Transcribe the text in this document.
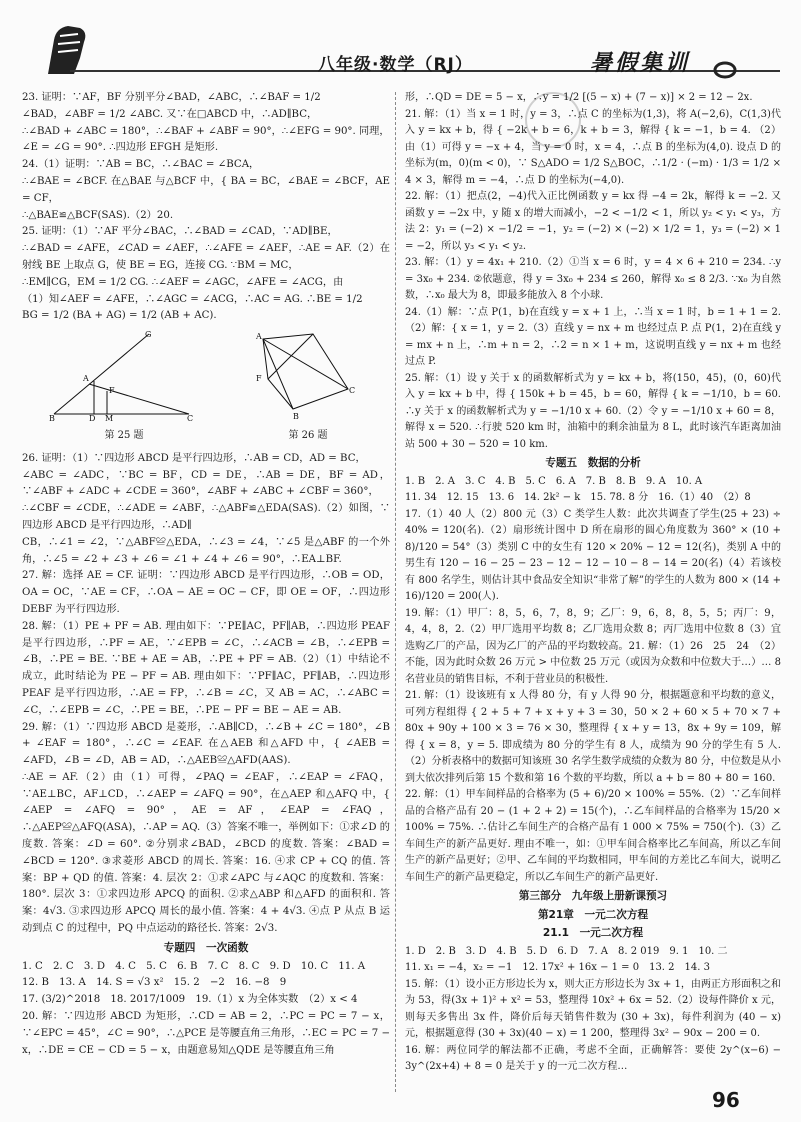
八年级·数学（RJ）	暑假集训

23. 证明：∵AF，BF 分别平分∠BAD，∠ABC，∴∠BAF = 1/2

∠BAD，∠ABF = 1/2 ∠ABC. 又∵在□ABCD 中，∴AD∥BC，

∴∠BAD + ∠ABC = 180°，∴∠BAF + ∠ABF = 90°，∴∠EFG = 90°. 同理，

∠E = ∠G = 90°. ∴四边形 EFGH 是矩形.

24.（1）证明：∵AB = BC，∴∠BAC = ∠BCA，

∴∠BAE = ∠BCF. 在△BAE 与△BCF 中，{ BA = BC，∠BAE = ∠BCF，AE = CF，

∴△BAE≌△BCF(SAS).（2）20.

25. 证明：（1）∵AF 平分∠BAC，∴∠BAD = ∠CAD，∵AD∥BE，

∴∠BAD = ∠AFE，∠CAD = ∠AEF，∴∠AFE = ∠AEF，∴AE = AF.（2）在射线 BE 上取点 G，使 BE = EG，连接 CG. ∵BM = MC，

∴EM∥CG，EM = 1/2 CG. ∴∠AEF = ∠AGC，∠AFE = ∠ACG，由

（1）知∠AEF = ∠AFE，∴∠AGC = ∠ACG，∴AC = AG. ∴BE = 1/2

BG = 1/2 (BA + AG) = 1/2 (AB + AC).

B	D M	C
A
F
G
第 25 题
A
C
F
B
第 26 题

26. 证明：（1）∵四边形 ABCD 是平行四边形，∴AB = CD，AD = BC，

∠ABC = ∠ADC，∵BC = BF，CD = DE，∴AB = DE，BF = AD，∵∠ABF + ∠ADC + ∠CDE = 360°，∠ABF + ∠ABC + ∠CBF = 360°，

∴∠CBF = ∠CDE，∴∠ADE = ∠ABF，∴△ABF≌△EDA(SAS).（2）如图，∵四边形 ABCD 是平行四边形，∴AD∥

CB，∴∠1 = ∠2，∵△ABF≌△EDA，∴∠3 = ∠4，∵∠5 是△ABF 的一个外角，∴∠5 = ∠2 + ∠3 + ∠6 = ∠1 + ∠4 + ∠6 = 90°，∴EA⊥BF.

27. 解：选择 AE = CF. 证明：∵四边形 ABCD 是平行四边形，∴OB = OD，OA = OC，∵AE = CF，∴OA − AE = OC − CF，即 OE = OF，∴四边形 DEBF 为平行四边形.

28. 解：（1）PE + PF = AB. 理由如下：∵PE∥AC，PF∥AB，∴四边形 PEAF 是平行四边形，∴PF = AE，∵∠EPB = ∠C，∴∠ACB = ∠B，∴∠EPB = ∠B，∴PE = BE. ∵BE + AE = AB，∴PE + PF = AB.（2）（1）中结论不成立，此时结论为 PE − PF = AB. 理由如下：∵PF∥AC，PF∥AB，∴四边形 PEAF 是平行四边形，∴AE = FP，∴∠B = ∠C，又 AB = AC，∴∠ABC = ∠C，∴∠EPB = ∠C，∴PE = BE，∴PE − PF = BE − AE = AB.

29. 解：（1）∵四边形 ABCD 是菱形，∴AB∥CD，∴∠B + ∠C = 180°，∠B + ∠EAF = 180°，∴∠C = ∠EAF. 在△AEB 和△AFD 中，{ ∠AEB = ∠AFD，∠B = ∠D，AB = AD，∴△AEB≌△AFD(AAS).

∴AE = AF.（2）由（1）可得，∠PAQ = ∠EAF，∴∠EAP = ∠FAQ，∵AE⊥BC，AF⊥CD，∴∠AEP = ∠AFQ = 90°，在△AEP 和△AFQ 中，{ ∠AEP = ∠AFQ = 90°，AE = AF，∠EAP = ∠FAQ，∴△AEP≌△AFQ(ASA)，∴AP = AQ.（3）答案不唯一，举例如下：①求∠D 的度数. 答案：∠D = 60°. ②分别求∠BAD，∠BCD 的度数. 答案：∠BAD = ∠BCD = 120°. ③求菱形 ABCD 的周长. 答案：16. ④求 CP + CQ 的值. 答案：BP + QD 的值. 答案：4. 层次 2：①求∠APC 与∠AQC 的度数和. 答案：180°. 层次 3：①求四边形 APCQ 的面积. ②求△ABP 和△AFD 的面积和. 答案：4√3. ③求四边形 APCQ 周长的最小值. 答案：4 + 4√3. ④点 P 从点 B 运动到点 C 的过程中，PQ 中点运动的路径长. 答案：2√3.

专题四　一次函数

1. C　2. C　3. D　4. C　5. C　6. B　7. C　8. C　9. D　10. C　11. A

12. B　13. A　14. S = √3 x²　15. 2　−2　16. −8　9

17. (3/2)^2018　18. 2017/1009　19.（1）x 为全体实数　（2）x < 4

20. 解：∵四边形 ABCD 为矩形，∴CD = AB = 2，∴PC = PC = 7 − x，∵∠EPC = 45°，∠C = 90°，∴△PCE 是等腰直角三角形，∴EC = PC = 7 − x，∴DE = CE − CD = 5 − x，由题意易知△QDE 是等腰直角三角

形，∴QD = DE = 5 − x，∴y = 1/2 [(5 − x) + (7 − x)] × 2 = 12 − 2x.

21. 解：（1）当 x = 1 时，y = 3，∴点 C 的坐标为(1,3)，将 A(−2,6)，C(1,3)代入 y = kx + b，得 { −2k + b = 6，k + b = 3，解得 { k = −1，b = 4. （2）由（1）可得 y = −x + 4，当 y = 0 时，x = 4，∴点 B 的坐标为(4,0). 设点 D 的坐标为(m，0)(m < 0)，∵ S△ADO = 1/2 S△BOC，∴1/2 · (−m) · 1/3 = 1/2 × 4 × 3，解得 m = −4，∴点 D 的坐标为(−4,0).

22. 解：（1）把点(2，−4)代入正比例函数 y = kx 得 −4 = 2k，解得 k = −2. 又函数 y = −2x 中，y 随 x 的增大而减小，−2 < −1/2 < 1，所以 y₂ < y₁ < y₃，方法 2：y₁ = (−2) × −1/2 = −1，y₂ = (−2) × (−2) × 1/2 = 1，y₃ = (−2) × 1 = −2，所以 y₃ < y₁ < y₂.

23. 解：（1）y = 4x₁ + 210.（2）①当 x = 6 时，y = 4 × 6 + 210 = 234. ∴y = 3x₀ + 234. ②依题意，得 y = 3x₀ + 234 ≤ 260，解得 x₀ ≤ 8 2/3. ∵x₀ 为自然数，∴x₀ 最大为 8，即最多能放入 8 个小球.

24.（1）解：∵点 P(1，b)在直线 y = x + 1 上，∴当 x = 1 时，b = 1 + 1 = 2.（2）解：{ x = 1，y = 2.（3）直线 y = nx + m 也经过点 P. 点 P(1，2)在直线 y = mx + n 上，∴m + n = 2，∴2 = n × 1 + m，这说明直线 y = nx + m 也经过点 P.

25. 解：（1）设 y 关于 x 的函数解析式为 y = kx + b，将(150，45)，(0，60)代入 y = kx + b 中，得 { 150k + b = 45，b = 60，解得 { k = −1/10，b = 60. ∴y 关于 x 的函数解析式为 y = −1/10 x + 60.（2）令 y = −1/10 x + 60 = 8，解得 x = 520. ∴行驶 520 km 时，油箱中的剩余油量为 8 L，此时该汽车距离加油站 500 + 30 − 520 = 10 km.

专题五　数据的分析

1. B　2. A　3. C　4. B　5. C　6. A　7. B　8. B　9. A　10. A

11. 34　12. 15　13. 6　14. 2k² − k　15. 78. 8 分　16.（1）40　（2）8

17.（1）40 人（2）800 元（3）C 类学生人数：此次共调查了学生(25 + 23) ÷ 40% = 120(名).（2）扇形统计图中 D 所在扇形的圆心角度数为 360° × (10 + 8)/120 = 54°（3）类别 C 中的女生有 120 × 20% − 12 = 12(名)，类别 A 中的男生有 120 − 16 − 25 − 23 − 12 − 12 − 10 − 8 − 14 = 20(名)（4）若该校有 800 名学生，则估计其中食品安全知识“非常了解”的学生的人数为 800 × (14 + 16)/120 = 200(人).

19. 解：（1）甲厂：8，5，6，7，8，9；乙厂：9，6，8，8，5，5；丙厂：9，4，4，8，2.（2）甲厂选用平均数 8；乙厂选用众数 8；丙厂选用中位数 8（3）宜选购乙厂的产品，因为乙厂的产品的平均数较高。21. 解：（1）26　25　24　（2）不能，因为此时众数 26 万元 > 中位数 25 万元（或因为众数和中位数大于…）… 8 名营业员的销售目标，不利于营业员的积极性.

21. 解：（1）设该班有 x 人得 80 分，有 y 人得 90 分，根据题意和平均数的意义，可列方程组得 { 2 + 5 + 7 + x + y + 3 = 30，50 × 2 + 60 × 5 + 70 × 7 + 80x + 90y + 100 × 3 = 76 × 30，整理得 { x + y = 13，8x + 9y = 109，解得 { x = 8，y = 5. 即成绩为 80 分的学生有 8 人，成绩为 90 分的学生有 5 人.（2）分析表格中的数据可知该班 30 名学生数学成绩的众数为 80 分，中位数是从小到大依次排列后第 15 个数和第 16 个数的平均数，所以 a + b = 80 + 80 = 160.

22. 解：（1）甲车间样品的合格率为 (5 + 6)/20 × 100% = 55%.（2）∵乙车间样品的合格产品有 20 − (1 + 2 + 2) = 15(个)，∴乙车间样品的合格率为 15/20 × 100% = 75%. ∴估计乙车间生产的合格产品有 1 000 × 75% = 750(个).（3）乙车间生产的新产品更好. 理由不唯一，如：①甲车间合格率比乙车间高，所以乙车间生产的新产品更好；②甲、乙车间的平均数相同，甲车间的方差比乙车间大，说明乙车间生产的新产品更稳定，所以乙车间生产的新产品更好.

第三部分　九年级上册新课预习
第21章　一元二次方程
21.1　一元二次方程

1. D　2. B　3. D　4. B　5. D　6. D　7. A　8. 2 019　9. 1　10. 二

11. x₁ = −4，x₂ = −1　12. 17x² + 16x − 1 = 0　13. 2　14. 3

15. 解：（1）设小正方形边长为 x，则大正方形边长为 3x + 1，由两正方形面积之和为 53，得(3x + 1)² + x² = 53，整理得 10x² + 6x = 52.（2）设每件降价 x 元，则每天多售出 3x 件，降价后每天销售件数为 (30 + 3x)，每件利润为 (40 − x) 元，根据题意得 (30 + 3x)(40 − x) = 1 200，整理得 3x² − 90x − 200 = 0.

16. 解：两位同学的解法都不正确，考虑不全面，正确解答：要使 2y^(x−6) − 3y^(2x+4) + 8 = 0 是关于 y 的一元二次方程…

96
